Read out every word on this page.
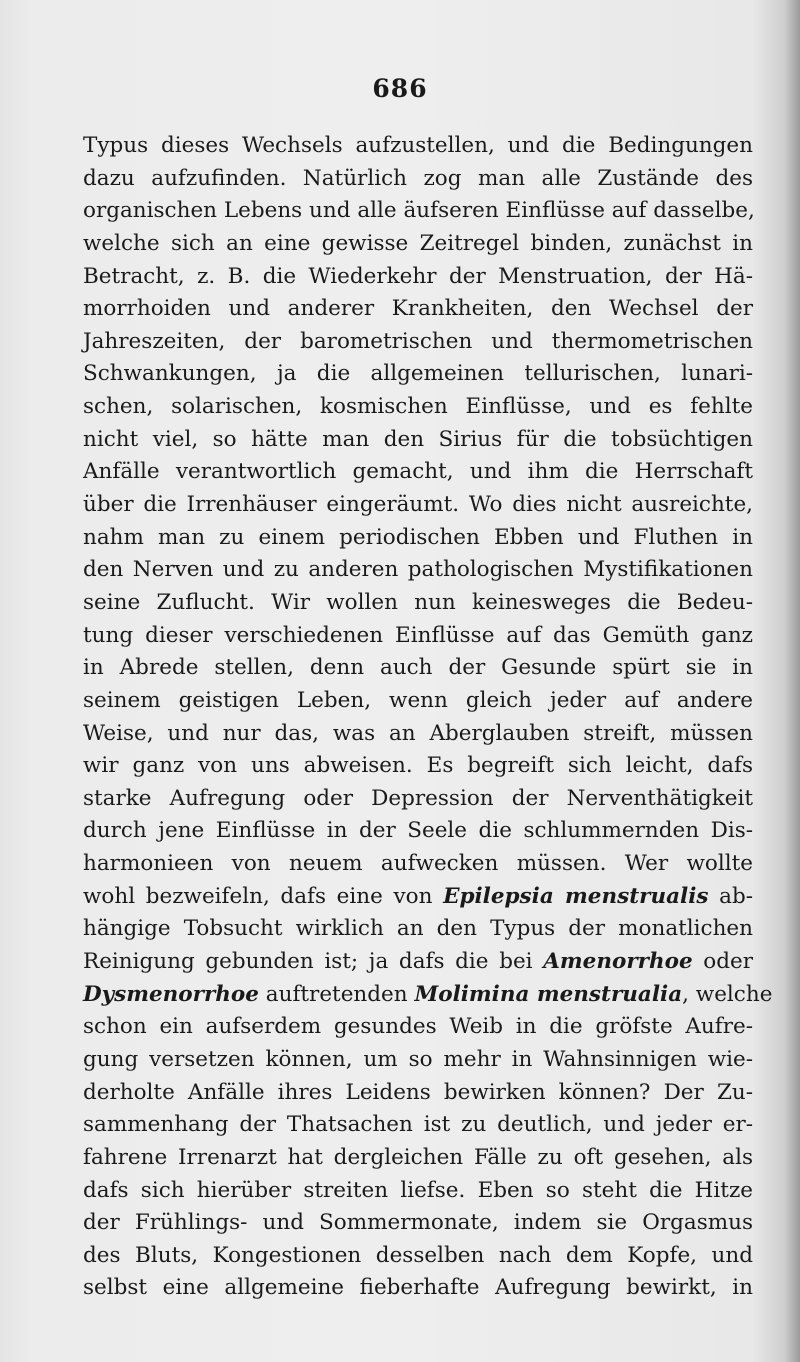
686
Typus dieses Wechsels aufzustellen, und die Bedingungen
dazu aufzufinden. Natürlich zog man alle Zustände des
organischen Lebens und alle äufseren Einflüsse auf dasselbe,
welche sich an eine gewisse Zeitregel binden, zunächst in
Betracht, z. B. die Wiederkehr der Menstruation, der Hä-
morrhoiden und anderer Krankheiten, den Wechsel der
Jahreszeiten, der barometrischen und thermometrischen
Schwankungen, ja die allgemeinen tellurischen, lunari-
schen, solarischen, kosmischen Einflüsse, und es fehlte
nicht viel, so hätte man den Sirius für die tobsüchtigen
Anfälle verantwortlich gemacht, und ihm die Herrschaft
über die Irrenhäuser eingeräumt. Wo dies nicht ausreichte,
nahm man zu einem periodischen Ebben und Fluthen in
den Nerven und zu anderen pathologischen Mystifikationen
seine Zuflucht. Wir wollen nun keinesweges die Bedeu-
tung dieser verschiedenen Einflüsse auf das Gemüth ganz
in Abrede stellen, denn auch der Gesunde spürt sie in
seinem geistigen Leben, wenn gleich jeder auf andere
Weise, und nur das, was an Aberglauben streift, müssen
wir ganz von uns abweisen. Es begreift sich leicht, dafs
starke Aufregung oder Depression der Nerventhätigkeit
durch jene Einflüsse in der Seele die schlummernden Dis-
harmonieen von neuem aufwecken müssen. Wer wollte
wohl bezweifeln, dafs eine von Epilepsia menstrualis ab-
hängige Tobsucht wirklich an den Typus der monatlichen
Reinigung gebunden ist; ja dafs die bei Amenorrhoe oder
Dysmenorrhoe auftretenden Molimina menstrualia, welche
schon ein aufserdem gesundes Weib in die gröfste Aufre-
gung versetzen können, um so mehr in Wahnsinnigen wie-
derholte Anfälle ihres Leidens bewirken können? Der Zu-
sammenhang der Thatsachen ist zu deutlich, und jeder er-
fahrene Irrenarzt hat dergleichen Fälle zu oft gesehen, als
dafs sich hierüber streiten liefse. Eben so steht die Hitze
der Frühlings- und Sommermonate, indem sie Orgasmus
des Bluts, Kongestionen desselben nach dem Kopfe, und
selbst eine allgemeine fieberhafte Aufregung bewirkt, in
